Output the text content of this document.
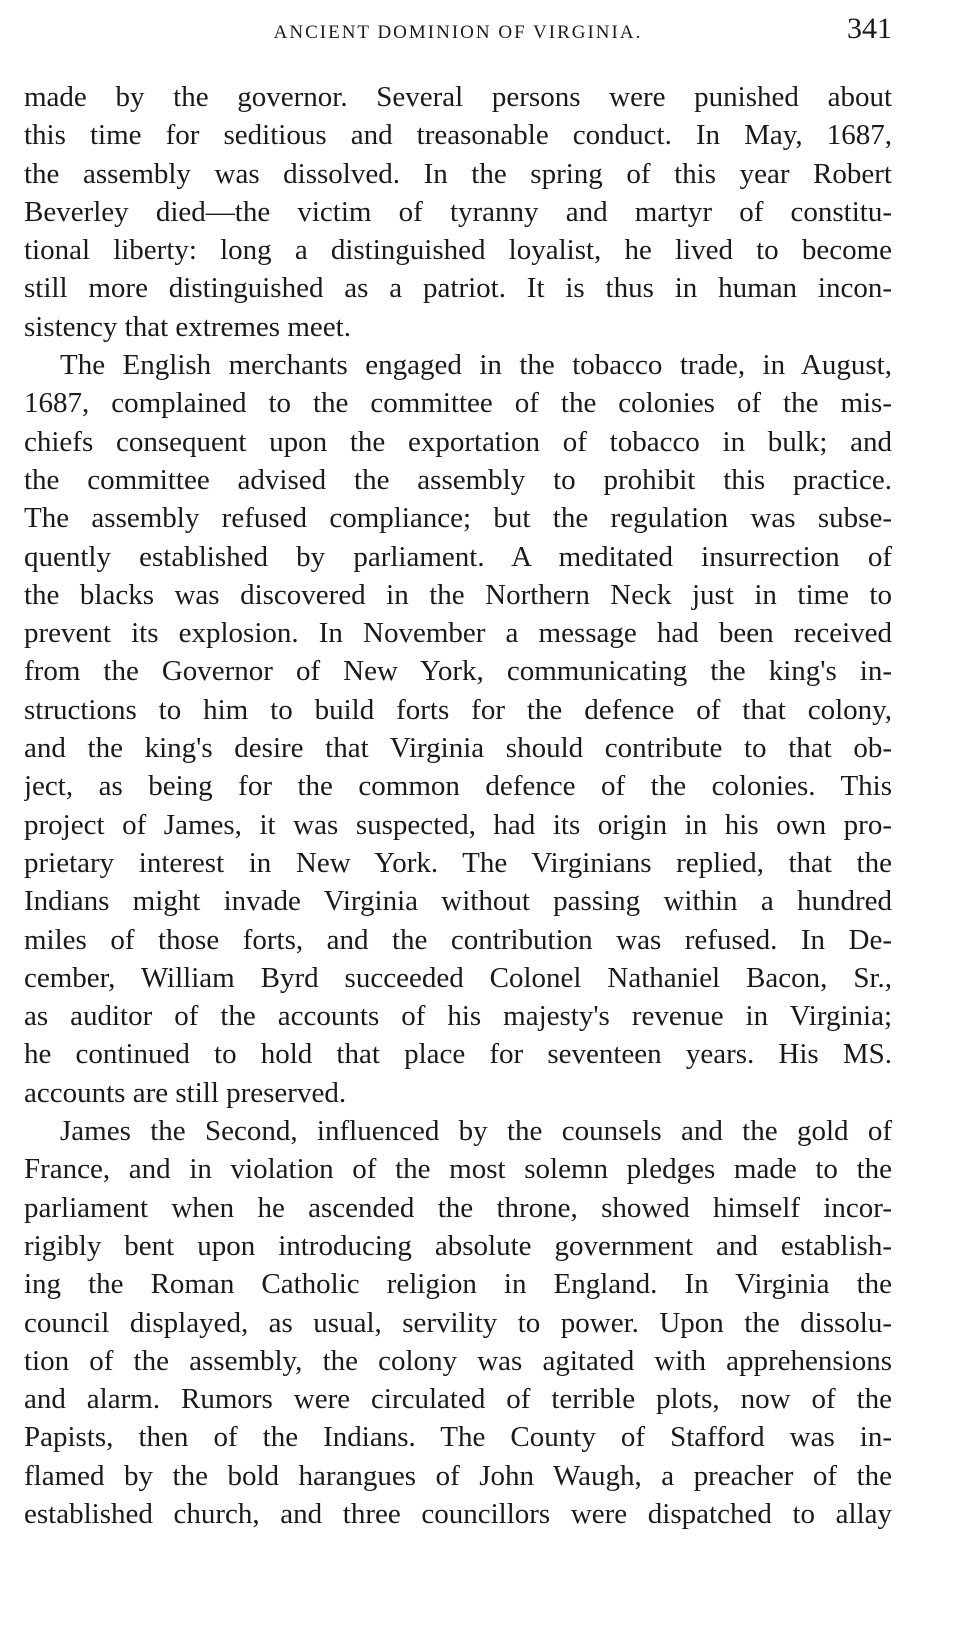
ANCIENT DOMINION OF VIRGINIA.	341
made by the governor. Several persons were punished about
this time for seditious and treasonable conduct. In May, 1687,
the assembly was dissolved. In the spring of this year Robert
Beverley died—the victim of tyranny and martyr of constitu-
tional liberty: long a distinguished loyalist, he lived to become
still more distinguished as a patriot. It is thus in human incon-
sistency that extremes meet.
The English merchants engaged in the tobacco trade, in August,
1687, complained to the committee of the colonies of the mis-
chiefs consequent upon the exportation of tobacco in bulk; and
the committee advised the assembly to prohibit this practice.
The assembly refused compliance; but the regulation was subse-
quently established by parliament. A meditated insurrection of
the blacks was discovered in the Northern Neck just in time to
prevent its explosion. In November a message had been received
from the Governor of New York, communicating the king's in-
structions to him to build forts for the defence of that colony,
and the king's desire that Virginia should contribute to that ob-
ject, as being for the common defence of the colonies. This
project of James, it was suspected, had its origin in his own pro-
prietary interest in New York. The Virginians replied, that the
Indians might invade Virginia without passing within a hundred
miles of those forts, and the contribution was refused. In De-
cember, William Byrd succeeded Colonel Nathaniel Bacon, Sr.,
as auditor of the accounts of his majesty's revenue in Virginia;
he continued to hold that place for seventeen years. His MS.
accounts are still preserved.
James the Second, influenced by the counsels and the gold of
France, and in violation of the most solemn pledges made to the
parliament when he ascended the throne, showed himself incor-
rigibly bent upon introducing absolute government and establish-
ing the Roman Catholic religion in England. In Virginia the
council displayed, as usual, servility to power. Upon the dissolu-
tion of the assembly, the colony was agitated with apprehensions
and alarm. Rumors were circulated of terrible plots, now of the
Papists, then of the Indians. The County of Stafford was in-
flamed by the bold harangues of John Waugh, a preacher of the
established church, and three councillors were dispatched to allay
